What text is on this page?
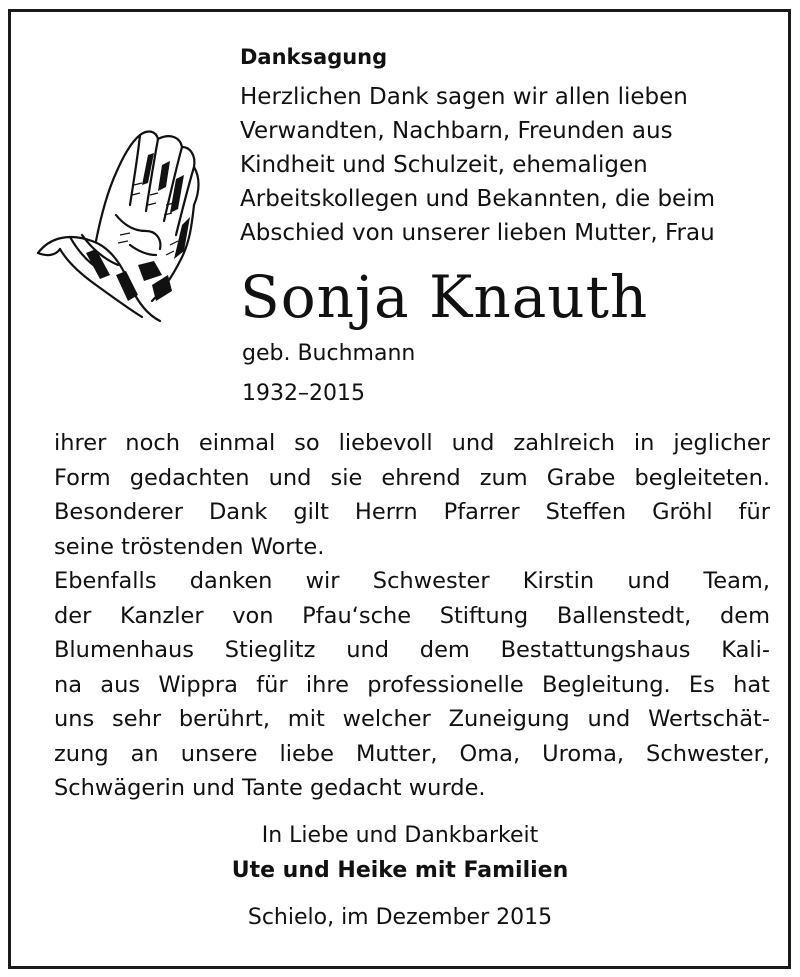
Danksagung

Herzlichen Dank sagen wir allen lieben

Verwandten, Nachbarn, Freunden aus

Kindheit und Schulzeit, ehemaligen

Arbeitskollegen und Bekannten, die beim

Abschied von unserer lieben Mutter, Frau

Sonja Knauth
geb. Buchmann
1932–2015

ihrer noch einmal so liebevoll und zahlreich in jeglicher

Form gedachten und sie ehrend zum Grabe begleiteten.

Besonderer Dank gilt Herrn Pfarrer Steffen Gröhl für

seine tröstenden Worte.

Ebenfalls danken wir Schwester Kirstin und Team,

der Kanzler von Pfau‘sche Stiftung Ballenstedt, dem

Blumenhaus Stieglitz und dem Bestattungshaus Kali-

na aus Wippra für ihre professionelle Begleitung. Es hat

uns sehr berührt, mit welcher Zuneigung und Wertschät-

zung an unsere liebe Mutter, Oma, Uroma, Schwester,

Schwägerin und Tante gedacht wurde.

In Liebe und Dankbarkeit
Ute und Heike mit Familien
Schielo, im Dezember 2015
